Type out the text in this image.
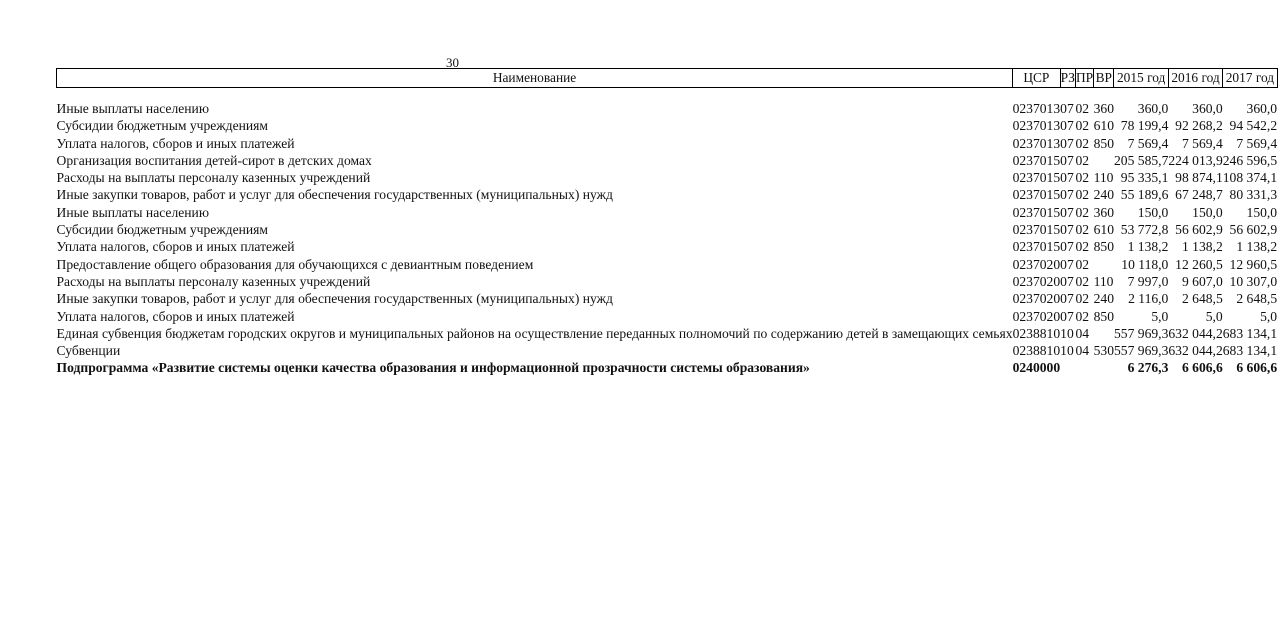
30
Наименование	ЦСР	РЗ	ПР	ВР	2015 год	2016 год	2017 год

Иные выплаты населению	0237013	07	02	360	360,0	360,0	360,0
Субсидии бюджетным учреждениям	0237013	07	02	610	78 199,4	92 268,2	94 542,2
Уплата налогов, сборов и иных платежей	0237013	07	02	850	7 569,4	7 569,4	7 569,4
Организация воспитания детей-сирот в детских домах	0237015	07	02		205 585,7	224 013,9	246 596,5
Расходы на выплаты персоналу казенных учреждений	0237015	07	02	110	95 335,1	98 874,1	108 374,1
Иные закупки товаров, работ и услуг для обеспечения государственных (муниципальных) нужд	0237015	07	02	240	55 189,6	67 248,7	80 331,3
Иные выплаты населению	0237015	07	02	360	150,0	150,0	150,0
Субсидии бюджетным учреждениям	0237015	07	02	610	53 772,8	56 602,9	56 602,9
Уплата налогов, сборов и иных платежей	0237015	07	02	850	1 138,2	1 138,2	1 138,2
Предоставление общего образования для обучающихся с девиантным поведением	0237020	07	02		10 118,0	12 260,5	12 960,5
Расходы на выплаты персоналу казенных учреждений	0237020	07	02	110	7 997,0	9 607,0	10 307,0
Иные закупки товаров, работ и услуг для обеспечения государственных (муниципальных) нужд	0237020	07	02	240	2 116,0	2 648,5	2 648,5
Уплата налогов, сборов и иных платежей	0237020	07	02	850	5,0	5,0	5,0
Единая субвенция бюджетам городских округов и муниципальных районов на осуществление переданных полномочий по содержанию детей в замещающих семьях	0238810	10	04		557 969,3	632 044,2	683 134,1
Субвенции	0238810	10	04	530	557 969,3	632 044,2	683 134,1
Подпрограмма «Развитие системы оценки качества образования и информационной прозрачности системы образования»	0240000				6 276,3	6 606,6	6 606,6
